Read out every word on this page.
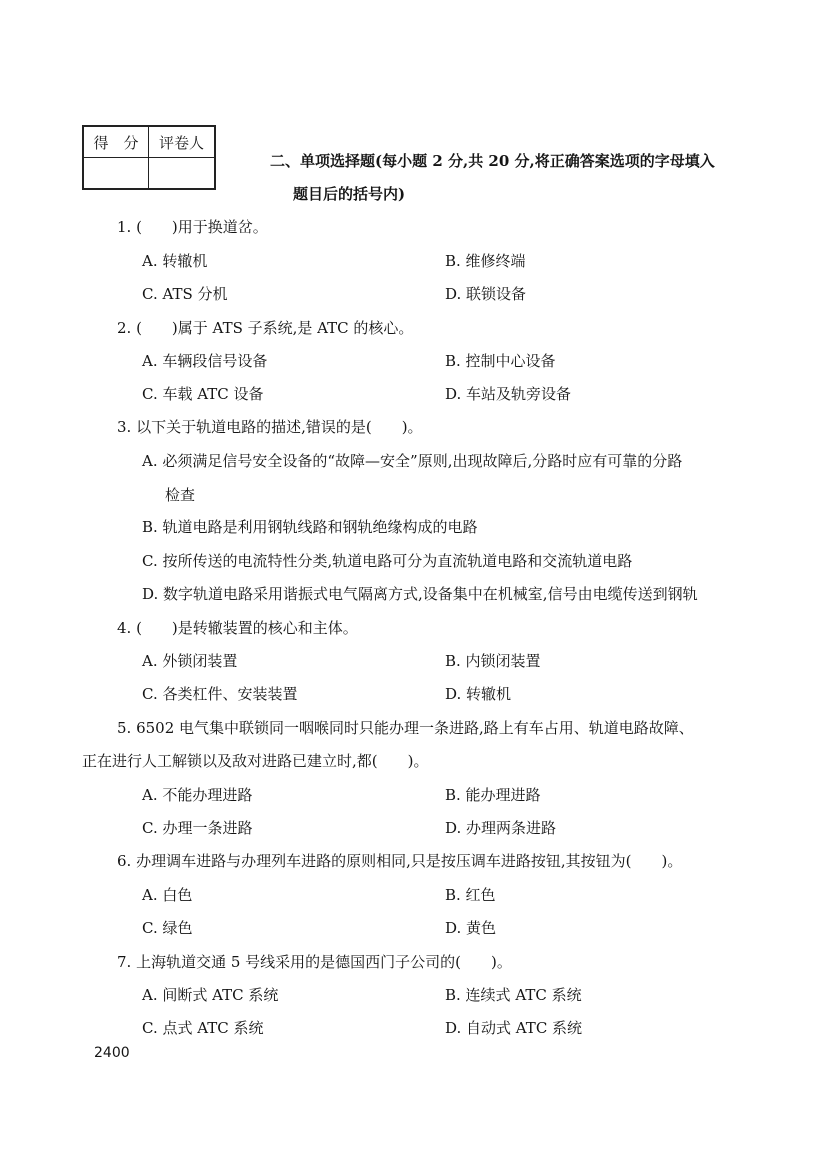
得　分	评卷人

二、单项选择题(每小题 2 分,共 20 分,将正确答案选项的字母填入
题目后的括号内)
1. (　　)用于换道岔。
A. 转辙机	B. 维修终端
C. ATS 分机	D. 联锁设备
2. (　　)属于 ATS 子系统,是 ATC 的核心。
A. 车辆段信号设备	B. 控制中心设备
C. 车载 ATC 设备	D. 车站及轨旁设备
3. 以下关于轨道电路的描述,错误的是(　　)。
A. 必须满足信号安全设备的“故障—安全”原则,出现故障后,分路时应有可靠的分路
检查
B. 轨道电路是利用钢轨线路和钢轨绝缘构成的电路
C. 按所传送的电流特性分类,轨道电路可分为直流轨道电路和交流轨道电路
D. 数字轨道电路采用谐振式电气隔离方式,设备集中在机械室,信号由电缆传送到钢轨
4. (　　)是转辙装置的核心和主体。
A. 外锁闭装置	B. 内锁闭装置
C. 各类杠件、安装装置	D. 转辙机
5. 6502 电气集中联锁同一咽喉同时只能办理一条进路,路上有车占用、轨道电路故障、
正在进行人工解锁以及敌对进路已建立时,都(　　)。
A. 不能办理进路	B. 能办理进路
C. 办理一条进路	D. 办理两条进路
6. 办理调车进路与办理列车进路的原则相同,只是按压调车进路按钮,其按钮为(　　)。
A. 白色	B. 红色
C. 绿色	D. 黄色
7. 上海轨道交通 5 号线采用的是德国西门子公司的(　　)。
A. 间断式 ATC 系统	B. 连续式 ATC 系统
C. 点式 ATC 系统	D. 自动式 ATC 系统
2400
